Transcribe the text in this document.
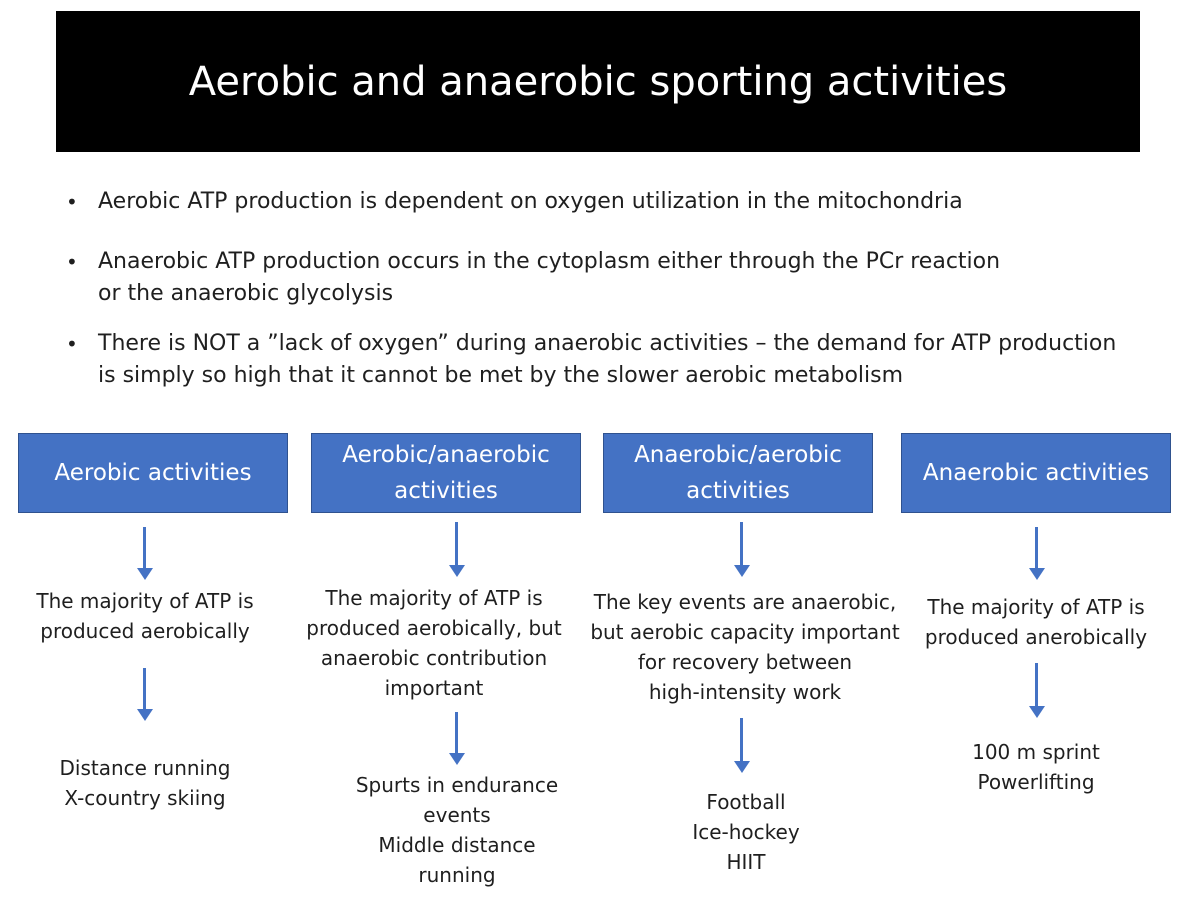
Aerobic and anaerobic sporting activities
• Aerobic ATP production is dependent on oxygen utilization in the mitochondria
• Anaerobic ATP production occurs in the cytoplasm either through the PCr reaction
or the anaerobic glycolysis
• There is NOT a ”lack of oxygen” during anaerobic activities – the demand for ATP production
is simply so high that it cannot be met by the slower aerobic metabolism
Aerobic activities
The majority of ATP is
produced aerobically
Distance running
X-country skiing
Aerobic/anaerobic
activities
The majority of ATP is
produced aerobically, but
anaerobic contribution
important
Spurts in endurance
events
Middle distance
running
Anaerobic/aerobic
activities
The key events are anaerobic,
but aerobic capacity important
for recovery between
high-intensity work
Football
Ice-hockey
HIIT
Anaerobic activities
The majority of ATP is
produced anerobically
100 m sprint
Powerlifting
